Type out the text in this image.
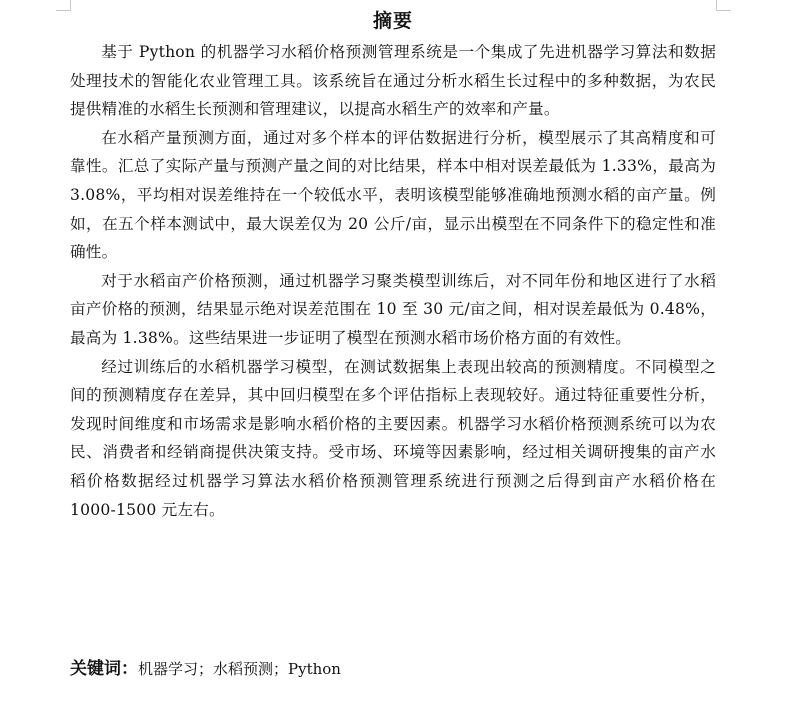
摘要

基于 Python 的机器学习水稻价格预测管理系统是一个集成了先进机器学习算法和数据处理技术的智能化农业管理工具。该系统旨在通过分析水稻生长过程中的多种数据，为农民提供精准的水稻生长预测和管理建议，以提高水稻生产的效率和产量。

在水稻产量预测方面，通过对多个样本的评估数据进行分析，模型展示了其高精度和可靠性。汇总了实际产量与预测产量之间的对比结果，样本中相对误差最低为 1.33%，最高为 3.08%，平均相对误差维持在一个较低水平，表明该模型能够准确地预测水稻的亩产量。例如，在五个样本测试中，最大误差仅为 20 公斤/亩，显示出模型在不同条件下的稳定性和准确性。

对于水稻亩产价格预测，通过机器学习聚类模型训练后，对不同年份和地区进行了水稻亩产价格的预测，结果显示绝对误差范围在 10 至 30 元/亩之间，相对误差最低为 0.48%，最高为 1.38%。这些结果进一步证明了模型在预测水稻市场价格方面的有效性。

经过训练后的水稻机器学习模型，在测试数据集上表现出较高的预测精度。不同模型之间的预测精度存在差异，其中回归模型在多个评估指标上表现较好。通过特征重要性分析，发现时间维度和市场需求是影响水稻价格的主要因素。机器学习水稻价格预测系统可以为农民、消费者和经销商提供决策支持。受市场、环境等因素影响，经过相关调研搜集的亩产水稻价格数据经过机器学习算法水稻价格预测管理系统进行预测之后得到亩产水稻价格在 1000-1500 元左右。

关键词：机器学习；水稻预测；Python
